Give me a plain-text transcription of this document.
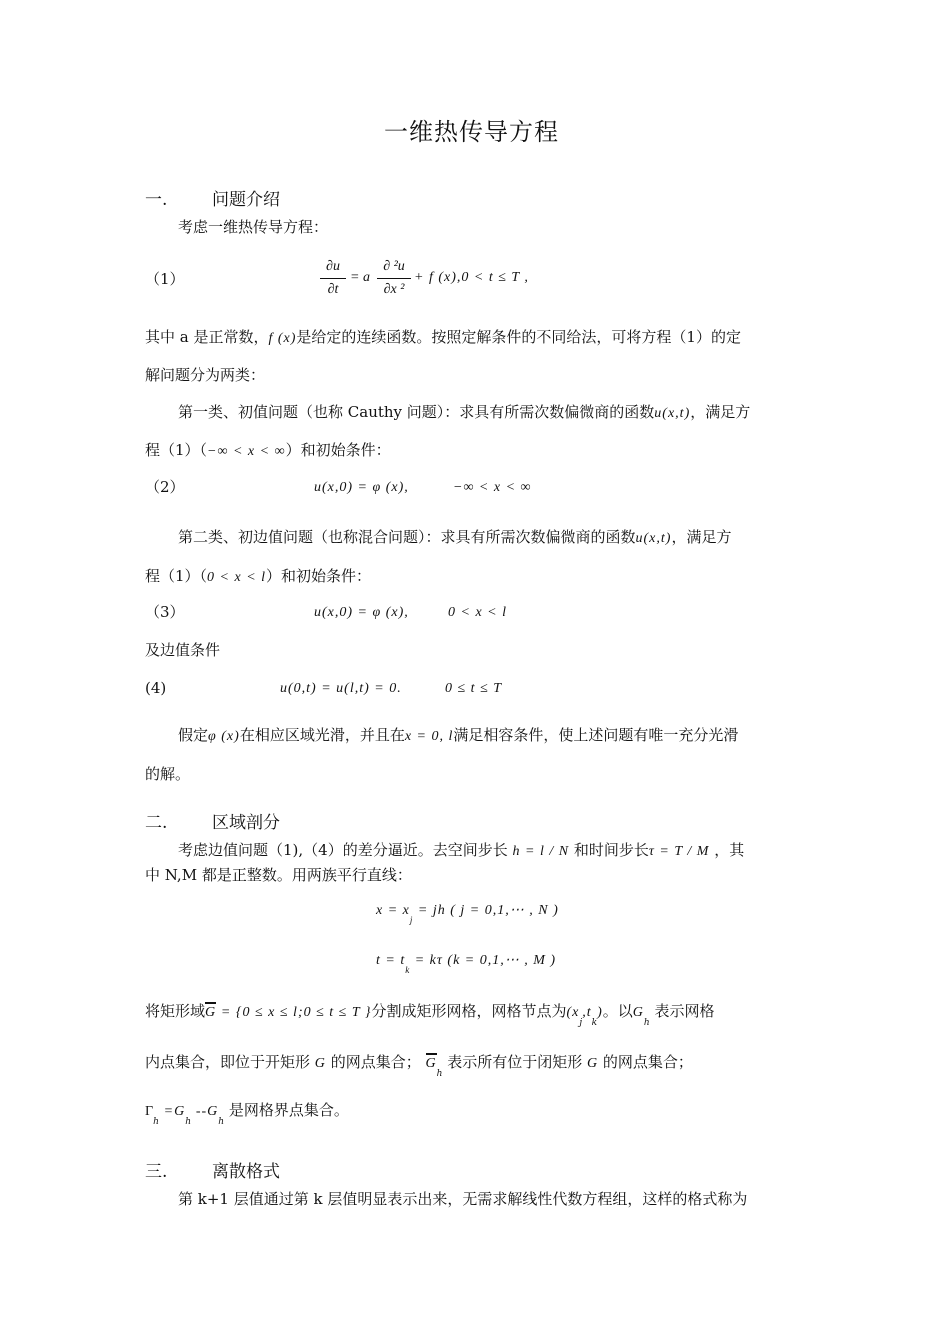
一维热传导方程
一.	问题介绍
考虑一维热传导方程：
（1）
∂u
∂t
= a
∂ ²u
∂x ²
+ f (x),0 < t ≤ T ,
其中 a 是正常数，f (x)是给定的连续函数。按照定解条件的不同给法，可将方程（1）的定
解问题分为两类：
第一类、初值问题（也称 Cauthy 问题）：求具有所需次数偏微商的函数u(x,t)，满足方
程（1）（−∞ < x < ∞）和初始条件：
（2）	u(x,0) = φ (x),	−∞ < x < ∞
第二类、初边值问题（也称混合问题）：求具有所需次数偏微商的函数u(x,t)，满足方
程（1）（0 < x < l）和初始条件：
（3）	u(x,0) = φ (x),	0 < x < l
及边值条件
(4)	u(0,t) = u(l,t) = 0.	0 ≤ t ≤ T
假定φ (x)在相应区域光滑，并且在x = 0, l满足相容条件，使上述问题有唯一充分光滑
的解。
二.	区域剖分
考虑边值问题（1),（4）的差分逼近。去空间步长 h = l / N 和时间步长τ = T / M ，其
中 N,M 都是正整数。用两族平行直线：
$x = x_j$ = jh ( j = 0,1,⋯ , N )
$t = t_k = k\tau$ (k = 0,1,⋯ , M )
将矩形域G = {0 ≤ x ≤ l;0 ≤ t ≤ T }分割成矩形网格，网格节点为$(x_j,t_k)$。以$G_h$ 表示网格
内点集合，即位于开矩形 G 的网点集合； $G_h$ 表示所有位于闭矩形 G 的网点集合；
$\Gamma_h =G_h$ $--G_h$ 是网格界点集合。
三.	离散格式
第 k+1 层值通过第 k 层值明显表示出来，无需求解线性代数方程组，这样的格式称为
